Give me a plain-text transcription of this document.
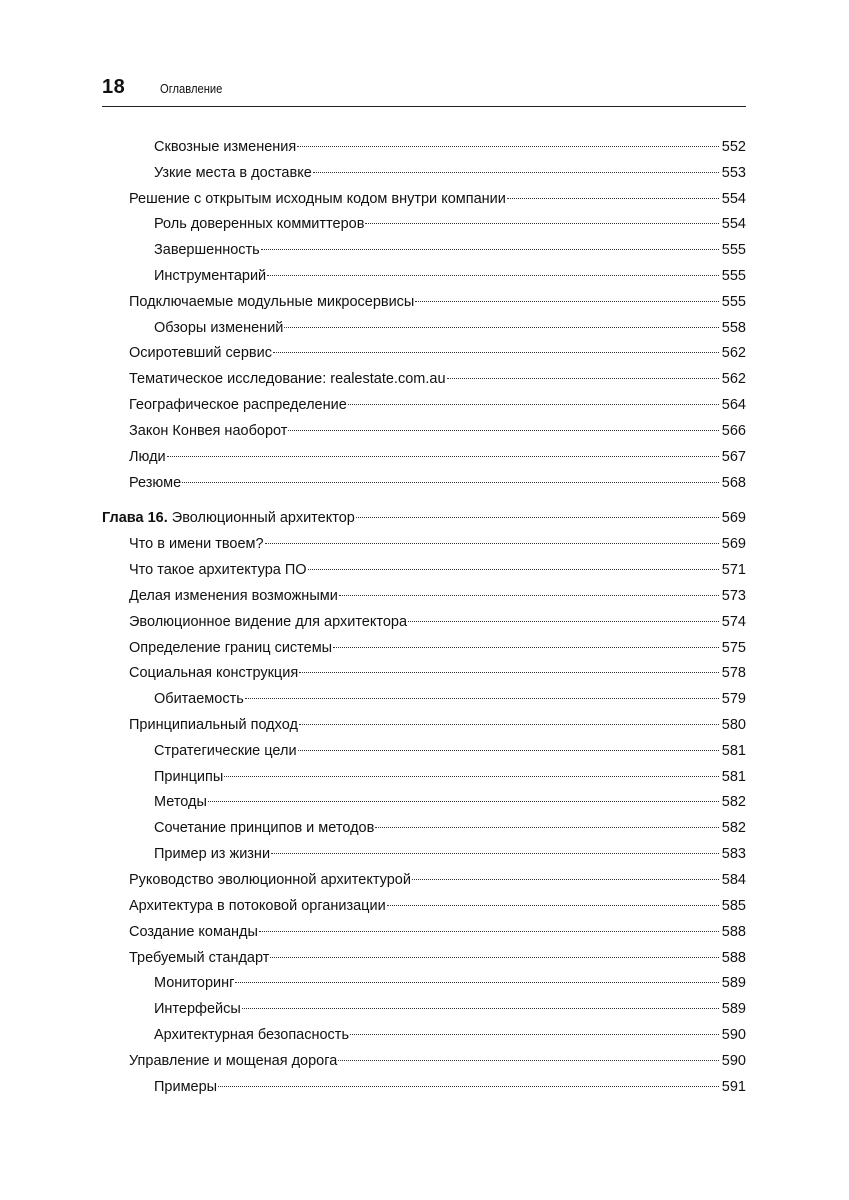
18	Оглавление
Сквозные изменения	552
Узкие места в доставке	553
Решение с открытым исходным кодом внутри компании	554
Роль доверенных коммиттеров	554
Завершенность	555
Инструментарий	555
Подключаемые модульные микросервисы	555
Обзоры изменений	558
Осиротевший сервис	562
Тематическое исследование: realestate.com.au	562
Географическое распределение	564
Закон Конвея наоборот	566
Люди	567
Резюме	568
Глава 16. Эволюционный архитектор	569
Что в имени твоем?	569
Что такое архитектура ПО	571
Делая изменения возможными	573
Эволюционное видение для архитектора	574
Определение границ системы	575
Социальная конструкция	578
Обитаемость	579
Принципиальный подход	580
Стратегические цели	581
Принципы	581
Методы	582
Сочетание принципов и методов	582
Пример из жизни	583
Руководство эволюционной архитектурой	584
Архитектура в потоковой организации	585
Создание команды	588
Требуемый стандарт	588
Мониторинг	589
Интерфейсы	589
Архитектурная безопасность	590
Управление и мощеная дорога	590
Примеры	591
